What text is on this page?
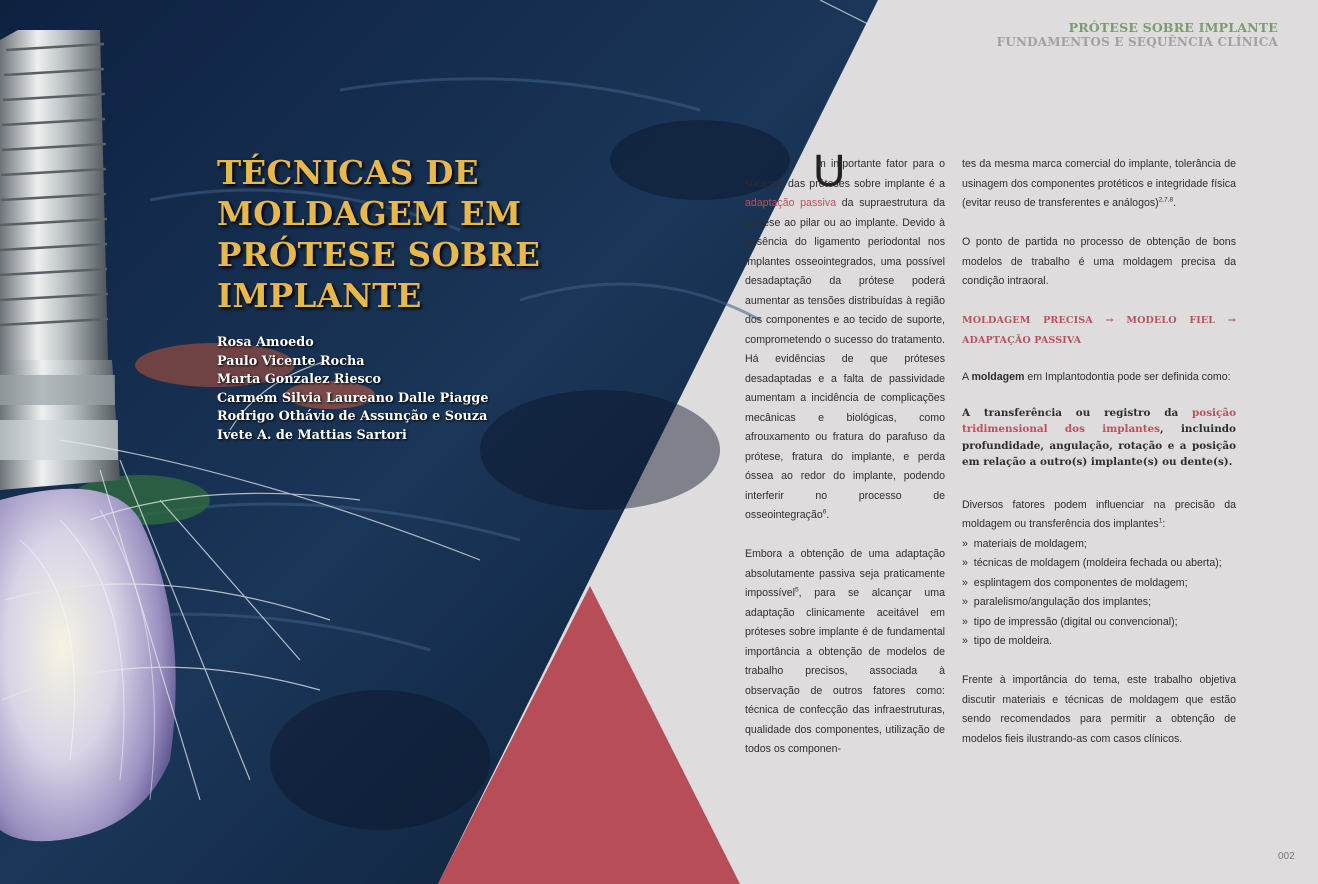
PRÓTESE SOBRE IMPLANTE
FUNDAMENTOS E SEQUÊNCIA CLÍNICA
TÉCNICAS DE
MOLDAGEM EM
PRÓTESE SOBRE
IMPLANTE
Rosa Amoedo
Paulo Vicente Rocha
Marta Gonzalez Riesco
Carmem Silvia Laureano Dalle Piagge
Rodrigo Othávio de Assunção e Souza
Ivete A. de Mattias Sartori
U

m importante fator para o sucesso das próteses sobre implante é a adaptação passiva da supraestrutura da prótese ao pilar ou ao implante. Devido à ausência do ligamento periodontal nos implantes osseointegrados, uma possível desadaptação da prótese poderá aumentar as tensões distribuídas à região dos componentes e ao tecido de suporte, comprometendo o sucesso do tratamento. Há evidências de que próteses desadaptadas e a falta de passividade aumentam a incidência de complicações mecânicas e biológicas, como afrouxamento ou fratura do parafuso da prótese, fratura do implante, e perda óssea ao redor do implante, podendo interferir no processo de osseointegração$^6$.

Embora a obtenção de uma adaptação absolutamente passiva seja praticamente impossível$^5$, para se alcançar uma adaptação clinicamente aceitável em próteses sobre implante é de fundamental importância a obtenção de modelos de trabalho precisos, associada à observação de outros fatores como: técnica de confecção das infraestruturas, qualidade dos componentes, utilização de todos os componen-

tes da mesma marca comercial do implante, tolerância de usinagem dos componentes protéticos e integridade física (evitar reuso de transferentes e análogos)$^{2,7,8}$.

O ponto de partida no processo de obtenção de bons modelos de trabalho é uma moldagem precisa da condição intraoral.

MOLDAGEM PRECISA → MODELO FIEL → ADAPTAÇÃO PASSIVA

A moldagem em Implantodontia pode ser definida como:

A transferência ou registro da posição tridimensional dos implantes, incluindo profundidade, angulação, rotação e a posição em relação a outro(s) implante(s) ou dente(s).

Diversos fatores podem influenciar na precisão da moldagem ou transferência dos implantes$^1$:

» materiais de moldagem;

» técnicas de moldagem (moldeira fechada ou aberta);

» esplintagem dos componentes de moldagem;

» paralelismo/angulação dos implantes;

» tipo de impressão (digital ou convencional);

» tipo de moldeira.

Frente à importância do tema, este trabalho objetiva discutir materiais e técnicas de moldagem que estão sendo recomendados para permitir a obtenção de modelos fieis ilustrando-as com casos clínicos.

002
